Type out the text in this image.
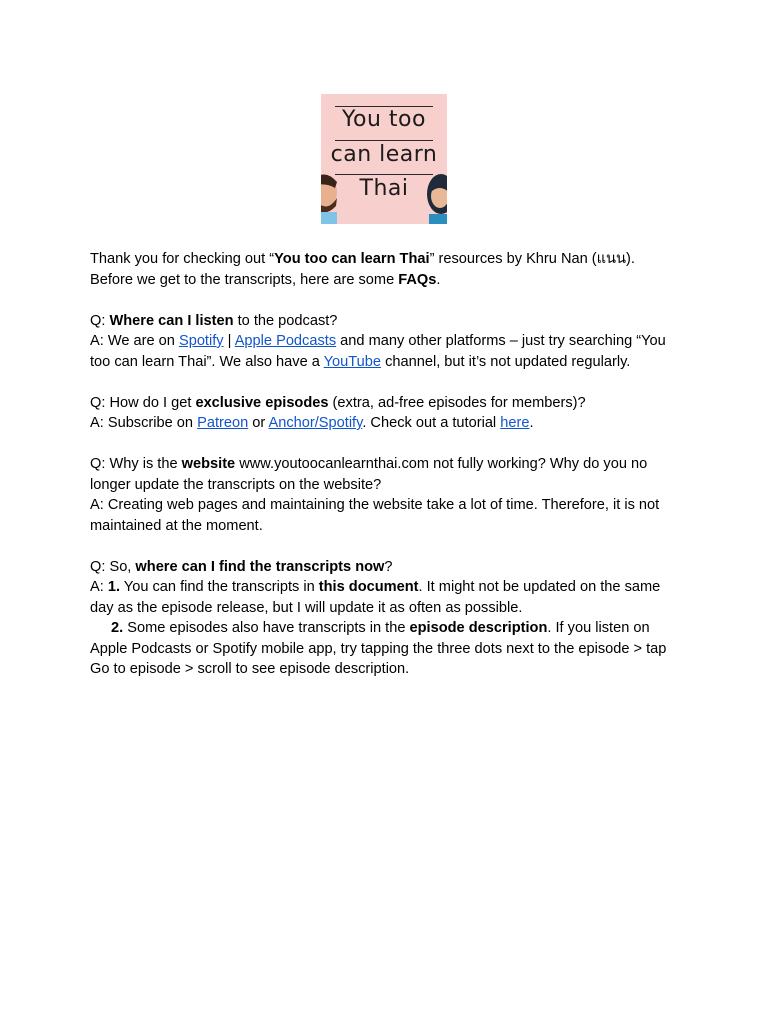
You too
can learn
Thai

Thank you for checking out “You too can learn Thai” resources by Khru Nan (แนน).
Before we get to the transcripts, here are some FAQs.

Q: Where can I listen to the podcast?
A: We are on Spotify | Apple Podcasts and many other platforms – just try searching “You too can learn Thai”. We also have a YouTube channel, but it’s not updated regularly.

Q: How do I get exclusive episodes (extra, ad-free episodes for members)?
A: Subscribe on Patreon or Anchor/Spotify. Check out a tutorial here.

Q: Why is the website www.youtoocanlearnthai.com not fully working? Why do you no longer update the transcripts on the website?
A: Creating web pages and maintaining the website take a lot of time. Therefore, it is not maintained at the moment.

Q: So, where can I find the transcripts now?
A: 1. You can find the transcripts in this document. It might not be updated on the same day as the episode release, but I will update it as often as possible.
2. Some episodes also have transcripts in the episode description. If you listen on Apple Podcasts or Spotify mobile app, try tapping the three dots next to the episode > tap Go to episode > scroll to see episode description.
